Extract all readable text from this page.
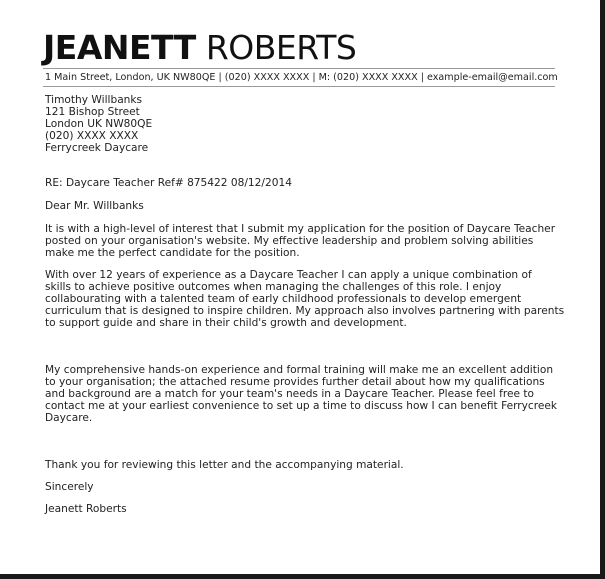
JEANETT ROBERTS
1 Main Street, London, UK NW80QE | (020) XXXX XXXX | M: (020) XXXX XXXX | example-email@email.com
Timothy Willbanks
121 Bishop Street
London UK NW80QE
(020) XXXX XXXX
Ferrycreek Daycare
RE: Daycare Teacher Ref# 875422 08/12/2014
Dear Mr. Willbanks
It is with a high-level of interest that I submit my application for the position of Daycare Teacher
posted on your organisation's website. My effective leadership and problem solving abilities
make me the perfect candidate for the position.
With over 12 years of experience as a Daycare Teacher I can apply a unique combination of
skills to achieve positive outcomes when managing the challenges of this role. I enjoy
collabourating with a talented team of early childhood professionals to develop emergent
curriculum that is designed to inspire children. My approach also involves partnering with parents
to support guide and share in their child's growth and development.
My comprehensive hands-on experience and formal training will make me an excellent addition
to your organisation; the attached resume provides further detail about how my qualifications
and background are a match for your team's needs in a Daycare Teacher. Please feel free to
contact me at your earliest convenience to set up a time to discuss how I can benefit Ferrycreek
Daycare.
Thank you for reviewing this letter and the accompanying material.
Sincerely
Jeanett Roberts
